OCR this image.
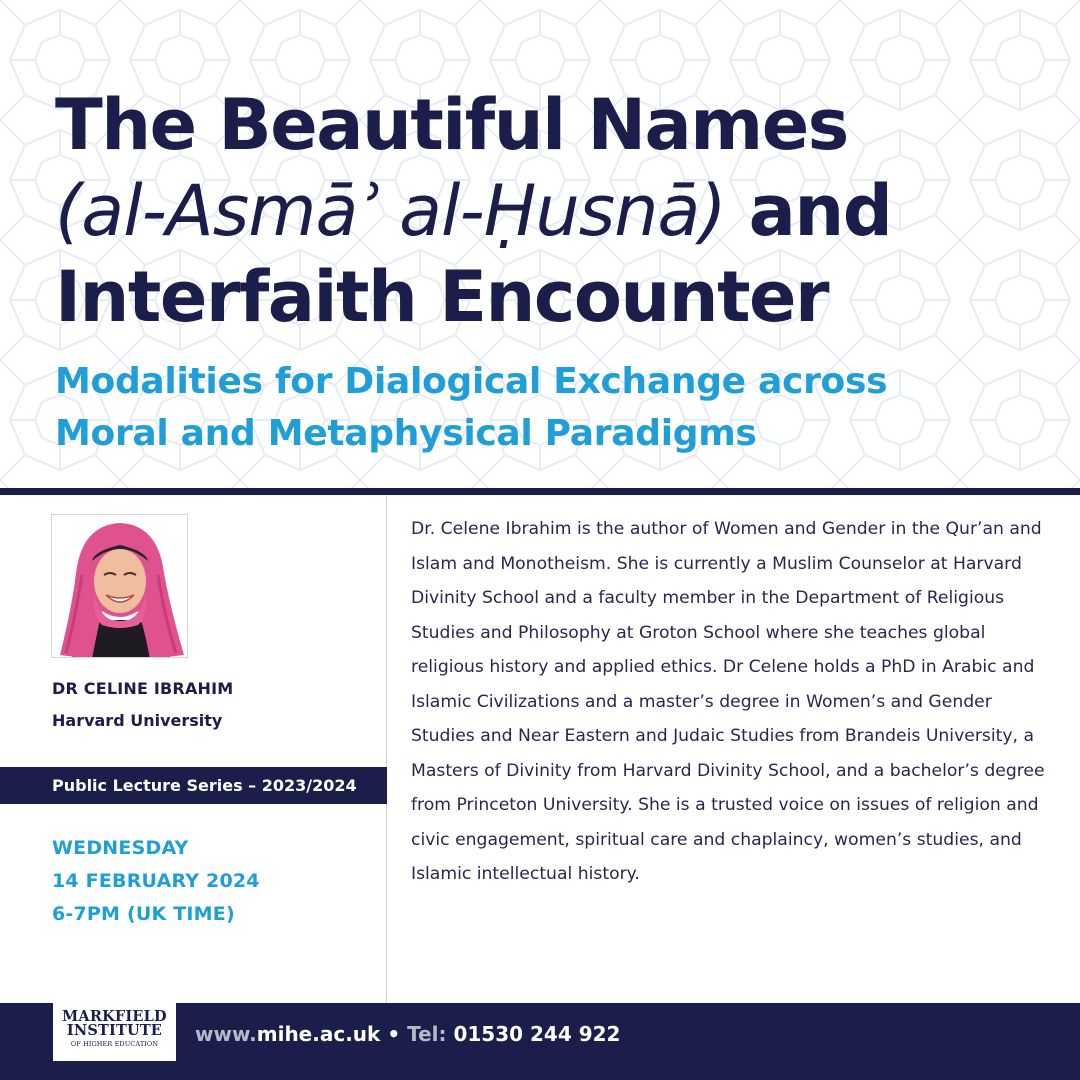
The Beautiful Names
(al-Asmāʾ al-Ḥusnā) and
Interfaith Encounter
Modalities for Dialogical Exchange across
Moral and Metaphysical Paradigms
DR CELINE IBRAHIM
Harvard University
Public Lecture Series – 2023/2024
WEDNESDAY
14 FEBRUARY 2024
6-7PM (UK TIME)
Dr. Celene Ibrahim is the author of Women and Gender in the Qur’an and Islam and Monotheism. She is currently a Muslim Counselor at Harvard Divinity School and a faculty member in the Department of Religious Studies and Philosophy at Groton School where she teaches global religious history and applied ethics. Dr Celene holds a PhD in Arabic and Islamic Civilizations and a master’s degree in Women’s and Gender Studies and Near Eastern and Judaic Studies from Brandeis University, a Masters of Divinity from Harvard Divinity School, and a bachelor’s degree from Princeton University. She is a trusted voice on issues of religion and civic engagement, spiritual care and chaplaincy, women’s studies, and Islamic intellectual history.
MARKFIELD
INSTITUTE
OF HIGHER EDUCATION	www.mihe.ac.uk • Tel: 01530 244 922
